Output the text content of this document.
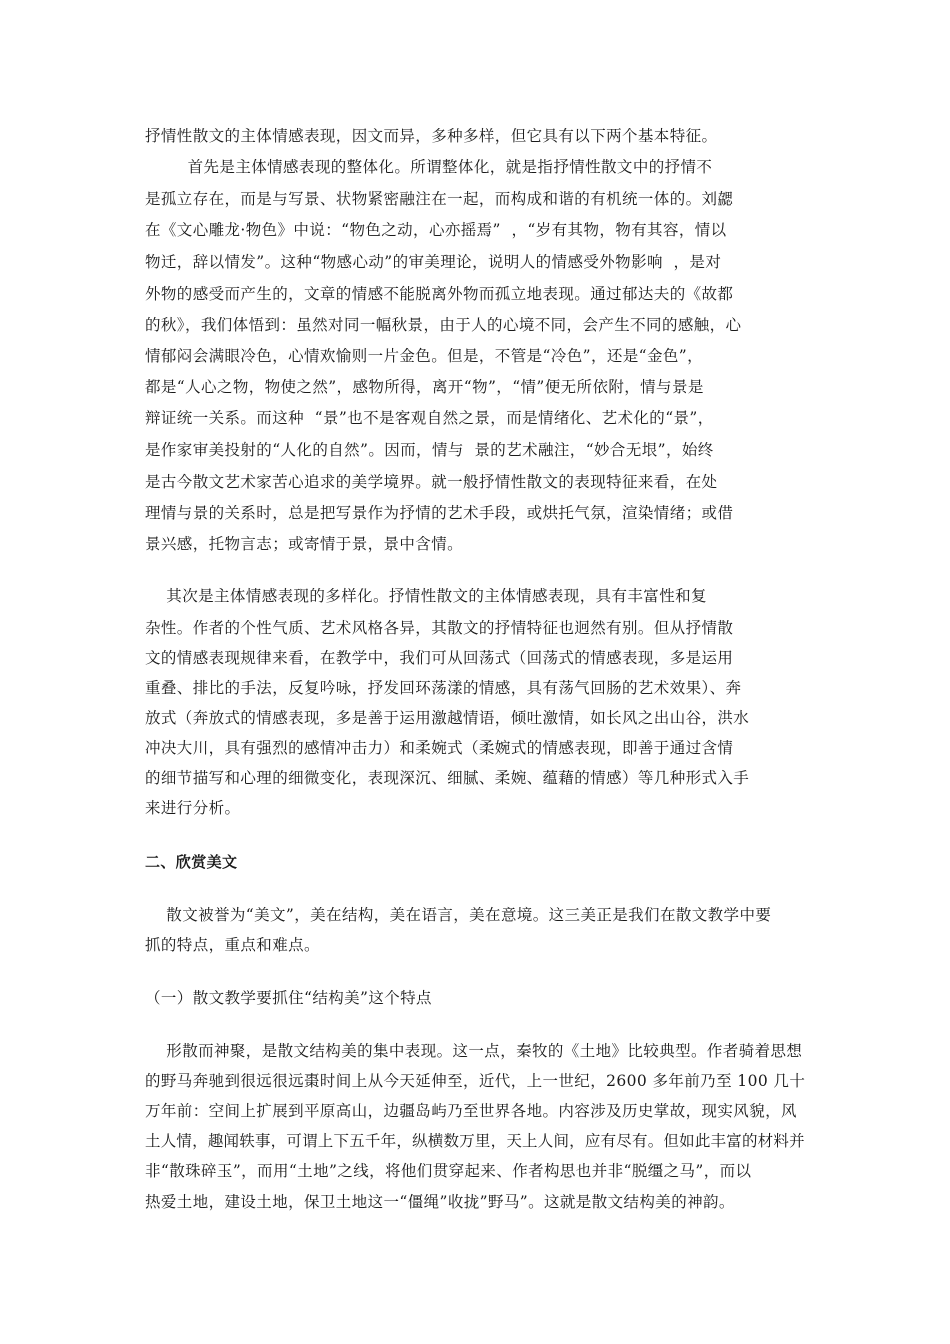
抒情性散文的主体情感表现，因文而异，多种多样，但它具有以下两个基本特征。
首先是主体情感表现的整体化。所谓整体化，就是指抒情性散文中的抒情不
是孤立存在，而是与写景、状物紧密融注在一起，而构成和谐的有机统一体的。刘勰
在《文心雕龙·物色》中说：“物色之动，心亦摇焉”  ，“岁有其物，物有其容，情以
物迁，辞以情发”。这种“物感心动”的审美理论，说明人的情感受外物影响  ，是对
外物的感受而产生的，文章的情感不能脱离外物而孤立地表现。通过郁达夫的《故都
的秋》，我们体悟到：虽然对同一幅秋景，由于人的心境不同，会产生不同的感触，心
情郁闷会满眼冷色，心情欢愉则一片金色。但是，不管是“冷色”，还是“金色”，
都是“人心之物，物使之然”，感物所得，离开“物”，“情”便无所依附，情与景是
辩证统一关系。而这种  “景”也不是客观自然之景，而是情绪化、艺术化的“景”，
是作家审美投射的“人化的自然”。因而，情与  景的艺术融注，“妙合无垠”，始终
是古今散文艺术家苦心追求的美学境界。就一般抒情性散文的表现特征来看，在处
理情与景的关系时，总是把写景作为抒情的艺术手段，或烘托气氛，渲染情绪；或借
景兴感，托物言志；或寄情于景，景中含情。
其次是主体情感表现的多样化。抒情性散文的主体情感表现，具有丰富性和复
杂性。作者的个性气质、艺术风格各异，其散文的抒情特征也迥然有别。但从抒情散
文的情感表现规律来看，在教学中，我们可从回荡式（回荡式的情感表现，多是运用
重叠、排比的手法，反复吟咏，抒发回环荡漾的情感，具有荡气回肠的艺术效果）、奔
放式（奔放式的情感表现，多是善于运用激越情语，倾吐激情，如长风之出山谷，洪水
冲决大川，具有强烈的感情冲击力）和柔婉式（柔婉式的情感表现，即善于通过含情
的细节描写和心理的细微变化，表现深沉、细腻、柔婉、蕴藉的情感）等几种形式入手
来进行分析。
二、欣赏美文
散文被誉为“美文”，美在结构，美在语言，美在意境。这三美正是我们在散文教学中要
抓的特点，重点和难点。
（一）散文教学要抓住“结构美”这个特点
形散而神聚，是散文结构美的集中表现。这一点，秦牧的《土地》比较典型。作者骑着思想
的野马奔驰到很远很远棗时间上从今天延伸至，近代，上一世纪，2600 多年前乃至 100 几十
万年前：空间上扩展到平原高山，边疆岛屿乃至世界各地。内容涉及历史掌故，现实风貌，风
土人情，趣闻轶事，可谓上下五千年，纵横数万里，天上人间，应有尽有。但如此丰富的材料并
非“散珠碎玉”，而用“土地”之线，将他们贯穿起来、作者构思也并非“脱缰之马”，而以
热爱土地，建设土地，保卫土地这一“僵绳”收拢”野马”。这就是散文结构美的神韵。
